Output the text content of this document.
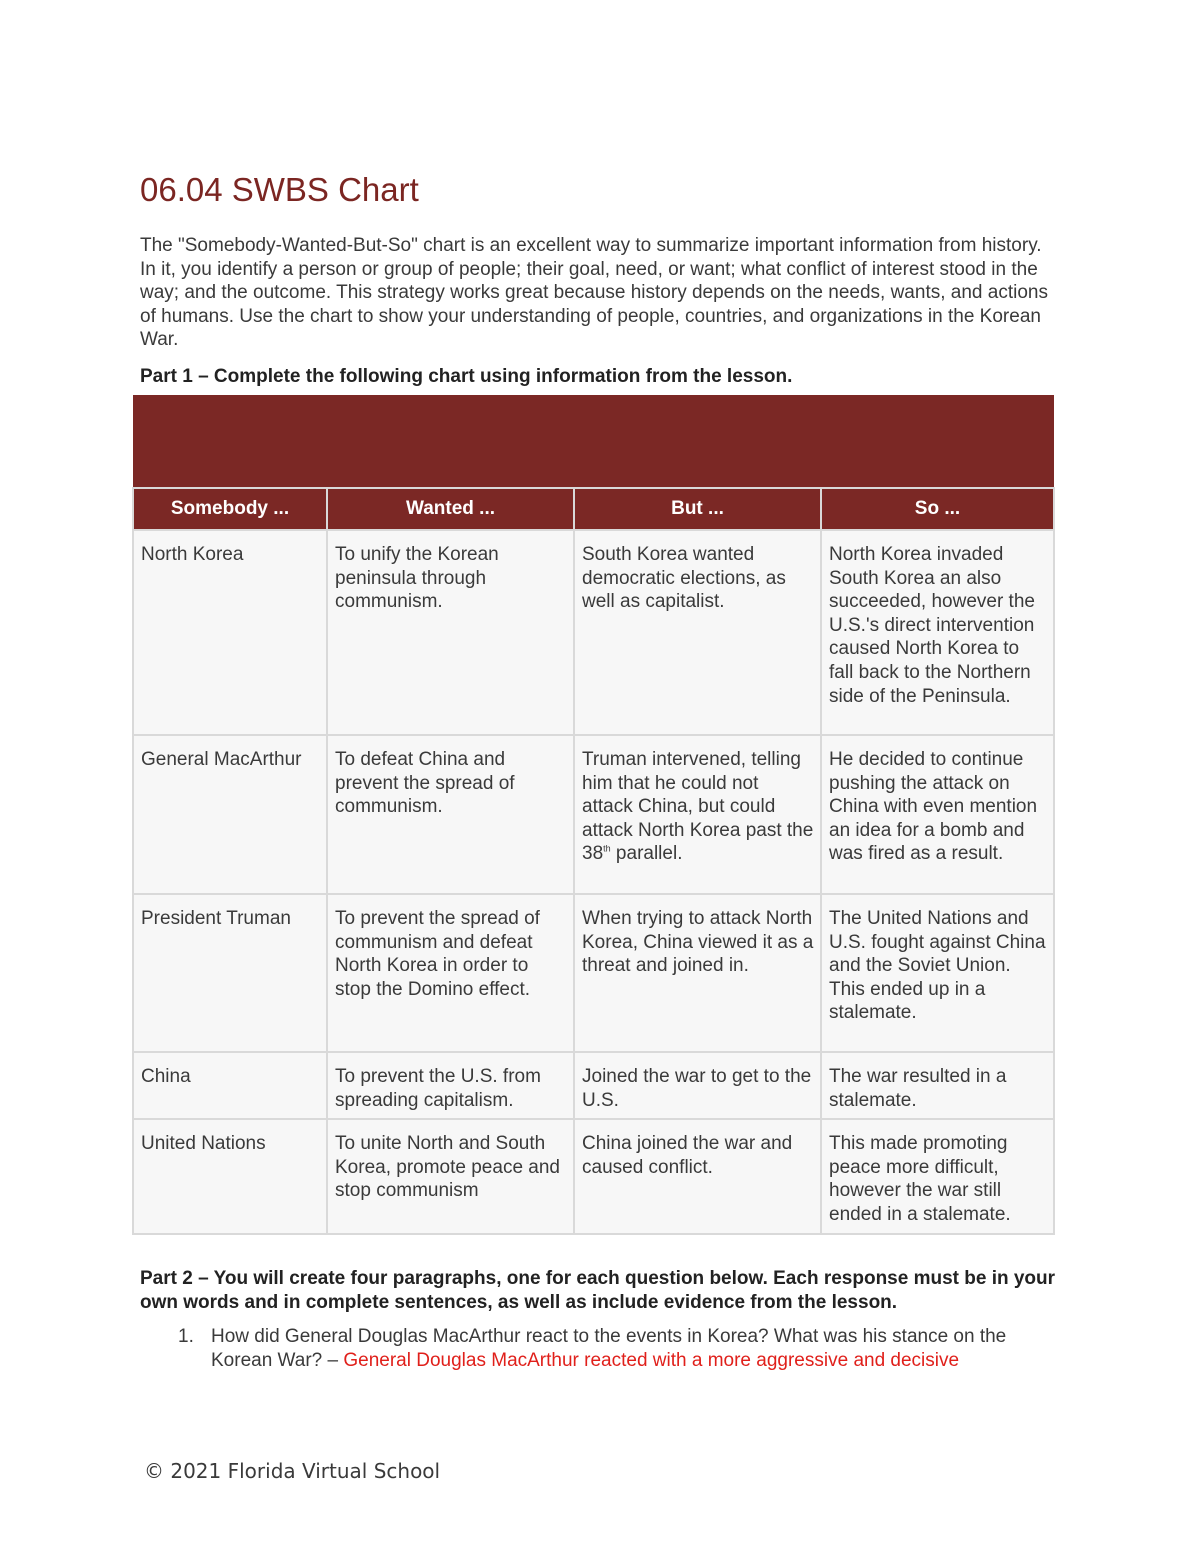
06.04 SWBS Chart

The "Somebody-Wanted-But-So" chart is an excellent way to summarize important information from history. In it, you identify a person or group of people; their goal, need, or want; what conflict of interest stood in the way; and the outcome. This strategy works great because history depends on the needs, wants, and actions of humans. Use the chart to show your understanding of people, countries, and organizations in the Korean War.

Part 1 – Complete the following chart using information from the lesson.

Somebody ...	Wanted ...	But ...	So ...
North Korea	To unify the Korean peninsula through communism.	South Korea wanted democratic elections, as well as capitalist.	North Korea invaded South Korea an also succeeded, however the U.S.'s direct intervention caused North Korea to fall back to the Northern side of the Peninsula.
General MacArthur	To defeat China and prevent the spread of communism.	Truman intervened, telling him that he could not attack China, but could attack North Korea past the 38th parallel.	He decided to continue pushing the attack on China with even mention an idea for a bomb and was fired as a result.
President Truman	To prevent the spread of communism and defeat North Korea in order to stop the Domino effect.	When trying to attack North Korea, China viewed it as a threat and joined in.	The United Nations and U.S. fought against China and the Soviet Union. This ended up in a stalemate.
China	To prevent the U.S. from spreading capitalism.	Joined the war to get to the U.S.	The war resulted in a stalemate.
United Nations	To unite North and South Korea, promote peace and stop communism	China joined the war and caused conflict.	This made promoting peace more difficult, however the war still ended in a stalemate.

Part 2 – You will create four paragraphs, one for each question below. Each response must be in your own words and in complete sentences, as well as include evidence from the lesson.

1. How did General Douglas MacArthur react to the events in Korea? What was his stance on the Korean War? – General Douglas MacArthur reacted with a more aggressive and decisive
© 2021 Florida Virtual School
